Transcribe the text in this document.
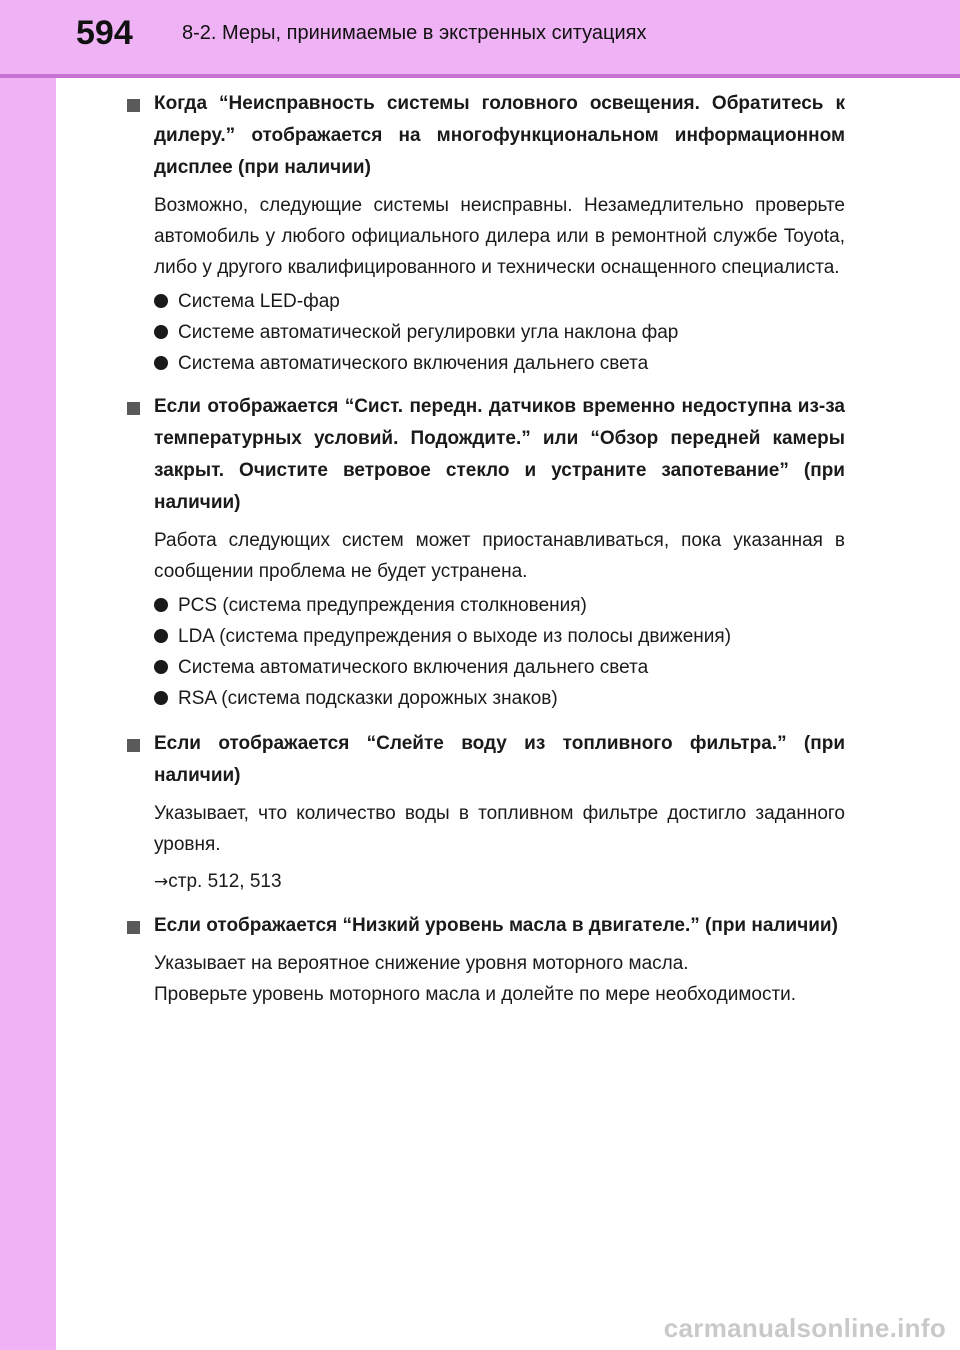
594 8-2. Меры, принимаемые в экстренных ситуациях

Когда “Неисправность системы головного освещения. Обратитесь к дилеру.” отображается на многофункциональном информационном дисплее (при наличии)

Возможно, следующие системы неисправны. Незамедлительно проверьте автомобиль у любого официального дилера или в ремонтной службе Toyota, либо у другого квалифицированного и технически оснащенного специалиста.

Система LED-фар
Системе автоматической регулировки угла наклона фар
Система автоматического включения дальнего света

Если отображается “Сист. передн. датчиков временно недоступна из-за температурных условий. Подождите.” или “Обзор передней камеры закрыт. Очистите ветровое стекло и устраните запотевание” (при наличии)

Работа следующих систем может приостанавливаться, пока указанная в сообщении проблема не будет устранена.

PCS (система предупреждения столкновения)
LDA (система предупреждения о выходе из полосы движения)
Система автоматического включения дальнего света
RSA (система подсказки дорожных знаков)

Если отображается “Слейте воду из топливного фильтра.” (при наличии)

Указывает, что количество воды в топливном фильтре достигло заданного уровня.

→стр. 512, 513

Если отображается “Низкий уровень масла в двигателе.” (при наличии)

Указывает на вероятное снижение уровня моторного масла.

Проверьте уровень моторного масла и долейте по мере необходимости.

carmanualsonline.info
